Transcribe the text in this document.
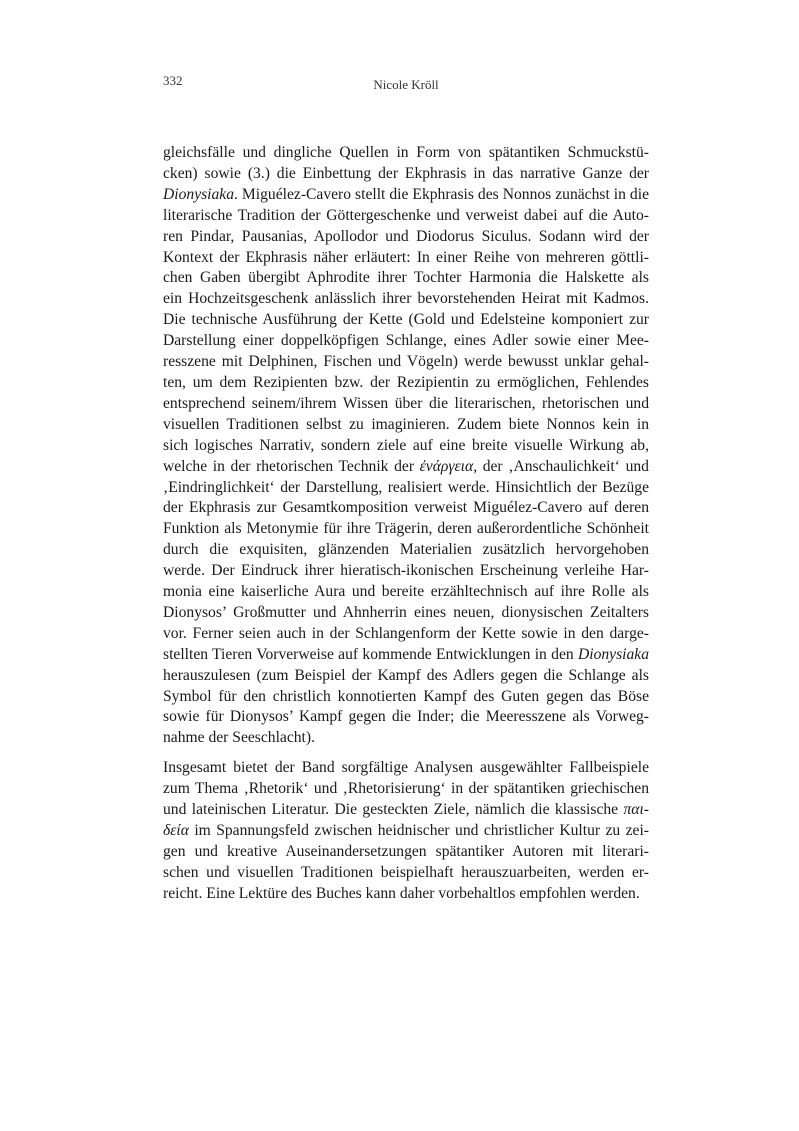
332	Nicole Kröll

gleichsfälle und dingliche Quellen in Form von spätantiken Schmuckstü-
cken) sowie (3.) die Einbettung der Ekphrasis in das narrative Ganze der
Dionysiaka. Miguélez-Cavero stellt die Ekphrasis des Nonnos zunächst in die
literarische Tradition der Göttergeschenke und verweist dabei auf die Auto-
ren Pindar, Pausanias, Apollodor und Diodorus Siculus. Sodann wird der
Kontext der Ekphrasis näher erläutert: In einer Reihe von mehreren göttli-
chen Gaben übergibt Aphrodite ihrer Tochter Harmonia die Halskette als
ein Hochzeitsgeschenk anlässlich ihrer bevorstehenden Heirat mit Kadmos.
Die technische Ausführung der Kette (Gold und Edelsteine komponiert zur
Darstellung einer doppelköpfigen Schlange, eines Adler sowie einer Mee-
resszene mit Delphinen, Fischen und Vögeln) werde bewusst unklar gehal-
ten, um dem Rezipienten bzw. der Rezipientin zu ermöglichen, Fehlendes
entsprechend seinem/ihrem Wissen über die literarischen, rhetorischen und
visuellen Traditionen selbst zu imaginieren. Zudem biete Nonnos kein in
sich logisches Narrativ, sondern ziele auf eine breite visuelle Wirkung ab,
welche in der rhetorischen Technik der ἐνάργεια, der ‚Anschaulichkeit‘ und
‚Eindringlichkeit‘ der Darstellung, realisiert werde. Hinsichtlich der Bezüge
der Ekphrasis zur Gesamtkomposition verweist Miguélez-Cavero auf deren
Funktion als Metonymie für ihre Trägerin, deren außerordentliche Schönheit
durch die exquisiten, glänzenden Materialien zusätzlich hervorgehoben
werde. Der Eindruck ihrer hieratisch-ikonischen Erscheinung verleihe Har-
monia eine kaiserliche Aura und bereite erzähltechnisch auf ihre Rolle als
Dionysos’ Großmutter und Ahnherrin eines neuen, dionysischen Zeitalters
vor. Ferner seien auch in der Schlangenform der Kette sowie in den darge-
stellten Tieren Vorverweise auf kommende Entwicklungen in den Dionysiaka
herauszulesen (zum Beispiel der Kampf des Adlers gegen die Schlange als
Symbol für den christlich konnotierten Kampf des Guten gegen das Böse
sowie für Dionysos’ Kampf gegen die Inder; die Meeresszene als Vorweg-
nahme der Seeschlacht).

Insgesamt bietet der Band sorgfältige Analysen ausgewählter Fallbeispiele
zum Thema ‚Rhetorik‘ und ‚Rhetorisierung‘ in der spätantiken griechischen
und lateinischen Literatur. Die gesteckten Ziele, nämlich die klassische παι-
δεία im Spannungsfeld zwischen heidnischer und christlicher Kultur zu zei-
gen und kreative Auseinandersetzungen spätantiker Autoren mit literari-
schen und visuellen Traditionen beispielhaft herauszuarbeiten, werden er-
reicht. Eine Lektüre des Buches kann daher vorbehaltlos empfohlen werden.
